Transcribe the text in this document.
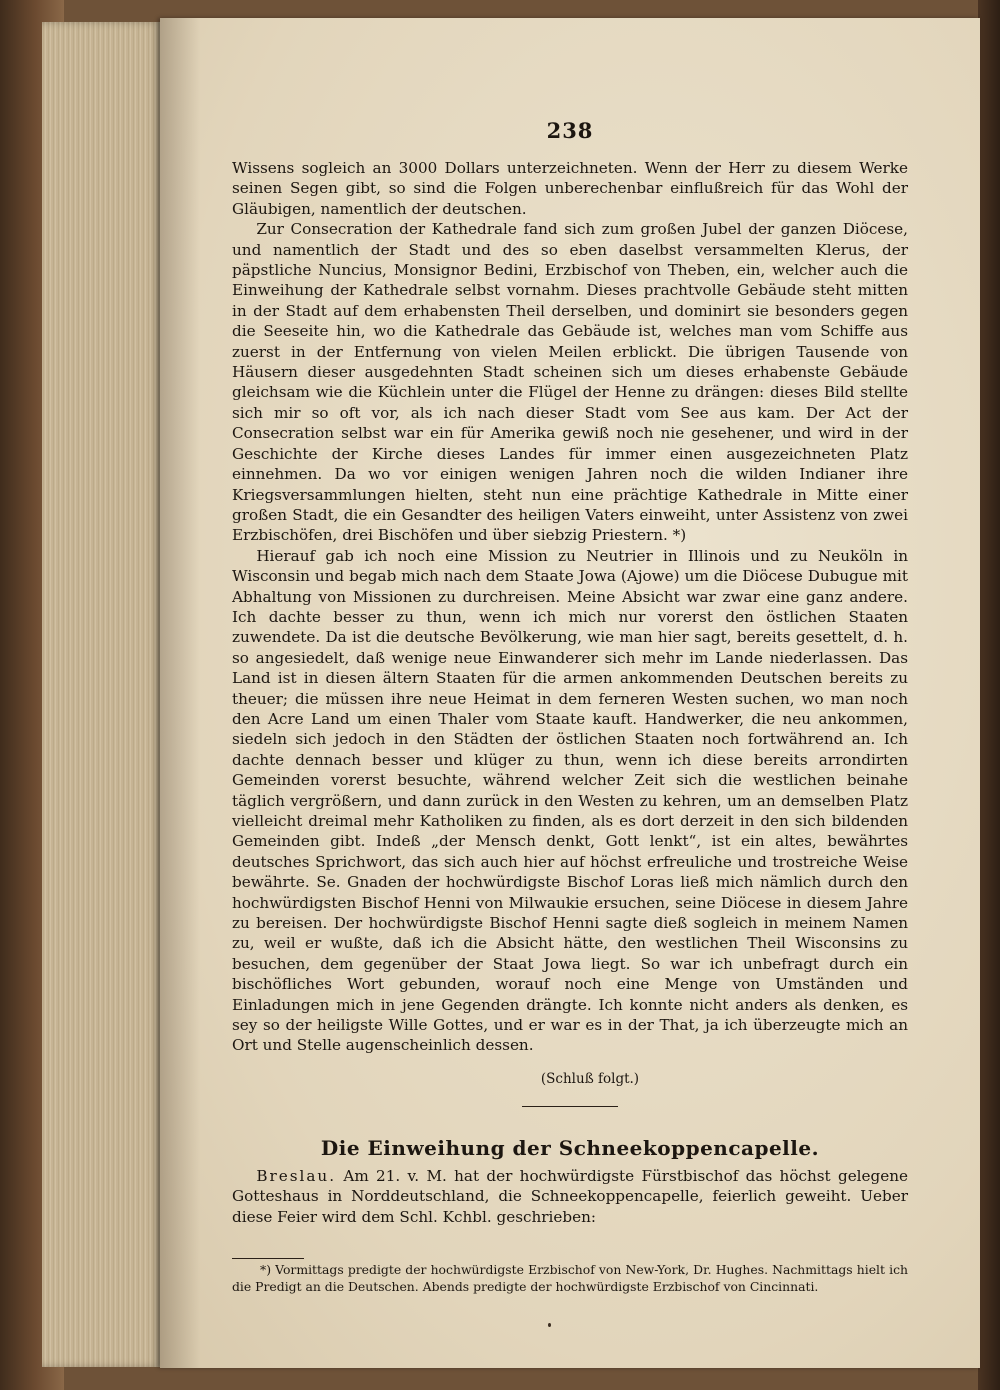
238

Wissens sogleich an 3000 Dollars unterzeichneten. Wenn der Herr zu diesem Werke seinen Segen gibt, so sind die Folgen unberechenbar einflußreich für das Wohl der Gläubigen, namentlich der deutschen.

Zur Consecration der Kathedrale fand sich zum großen Jubel der ganzen Diöcese, und namentlich der Stadt und des so eben daselbst versammelten Klerus, der päpstliche Nuncius, Monsignor Bedini, Erzbischof von Theben, ein, welcher auch die Einweihung der Kathedrale selbst vornahm. Dieses prachtvolle Gebäude steht mitten in der Stadt auf dem erhabensten Theil derselben, und dominirt sie besonders gegen die Seeseite hin, wo die Kathedrale das Gebäude ist, welches man vom Schiffe aus zuerst in der Entfernung von vielen Meilen erblickt. Die übrigen Tausende von Häusern dieser ausgedehnten Stadt scheinen sich um dieses erhabenste Gebäude gleichsam wie die Küchlein unter die Flügel der Henne zu drängen: dieses Bild stellte sich mir so oft vor, als ich nach dieser Stadt vom See aus kam. Der Act der Consecration selbst war ein für Amerika gewiß noch nie gesehener, und wird in der Geschichte der Kirche dieses Landes für immer einen ausgezeichneten Platz einnehmen. Da wo vor einigen wenigen Jahren noch die wilden Indianer ihre Kriegsversammlungen hielten, steht nun eine prächtige Kathedrale in Mitte einer großen Stadt, die ein Gesandter des heiligen Vaters einweiht, unter Assistenz von zwei Erzbischöfen, drei Bischöfen und über siebzig Priestern. *)

Hierauf gab ich noch eine Mission zu Neutrier in Illinois und zu Neuköln in Wisconsin und begab mich nach dem Staate Jowa (Ajowe) um die Diöcese Dubugue mit Abhaltung von Missionen zu durchreisen. Meine Absicht war zwar eine ganz andere. Ich dachte besser zu thun, wenn ich mich nur vorerst den östlichen Staaten zuwendete. Da ist die deutsche Bevölkerung, wie man hier sagt, bereits gesettelt, d. h. so angesiedelt, daß wenige neue Einwanderer sich mehr im Lande niederlassen. Das Land ist in diesen ältern Staaten für die armen ankommenden Deutschen bereits zu theuer; die müssen ihre neue Heimat in dem ferneren Westen suchen, wo man noch den Acre Land um einen Thaler vom Staate kauft. Handwerker, die neu ankommen, siedeln sich jedoch in den Städten der östlichen Staaten noch fortwährend an. Ich dachte dennach besser und klüger zu thun, wenn ich diese bereits arrondirten Gemeinden vorerst besuchte, während welcher Zeit sich die westlichen beinahe täglich vergrößern, und dann zurück in den Westen zu kehren, um an demselben Platz vielleicht dreimal mehr Katholiken zu finden, als es dort derzeit in den sich bildenden Gemeinden gibt. Indeß „der Mensch denkt, Gott lenkt“, ist ein altes, bewährtes deutsches Sprichwort, das sich auch hier auf höchst erfreuliche und trostreiche Weise bewährte. Se. Gnaden der hochwürdigste Bischof Loras ließ mich nämlich durch den hochwürdigsten Bischof Henni von Milwaukie ersuchen, seine Diöcese in diesem Jahre zu bereisen. Der hochwürdigste Bischof Henni sagte dieß sogleich in meinem Namen zu, weil er wußte, daß ich die Absicht hätte, den westlichen Theil Wisconsins zu besuchen, dem gegenüber der Staat Jowa liegt. So war ich unbefragt durch ein bischöfliches Wort gebunden, worauf noch eine Menge von Umständen und Einladungen mich in jene Gegenden drängte. Ich konnte nicht anders als denken, es sey so der heiligste Wille Gottes, und er war es in der That, ja ich überzeugte mich an Ort und Stelle augenscheinlich dessen.

(Schluß folgt.)
Die Einweihung der Schneekoppencapelle.

Breslau. Am 21. v. M. hat der hochwürdigste Fürstbischof das höchst gelegene Gotteshaus in Norddeutschland, die Schneekoppencapelle, feierlich geweiht. Ueber diese Feier wird dem Schl. Kchbl. geschrieben:

*) Vormittags predigte der hochwürdigste Erzbischof von New-York, Dr. Hughes. Nachmittags hielt ich die Predigt an die Deutschen. Abends predigte der hochwürdigste Erzbischof von Cincinnati.
